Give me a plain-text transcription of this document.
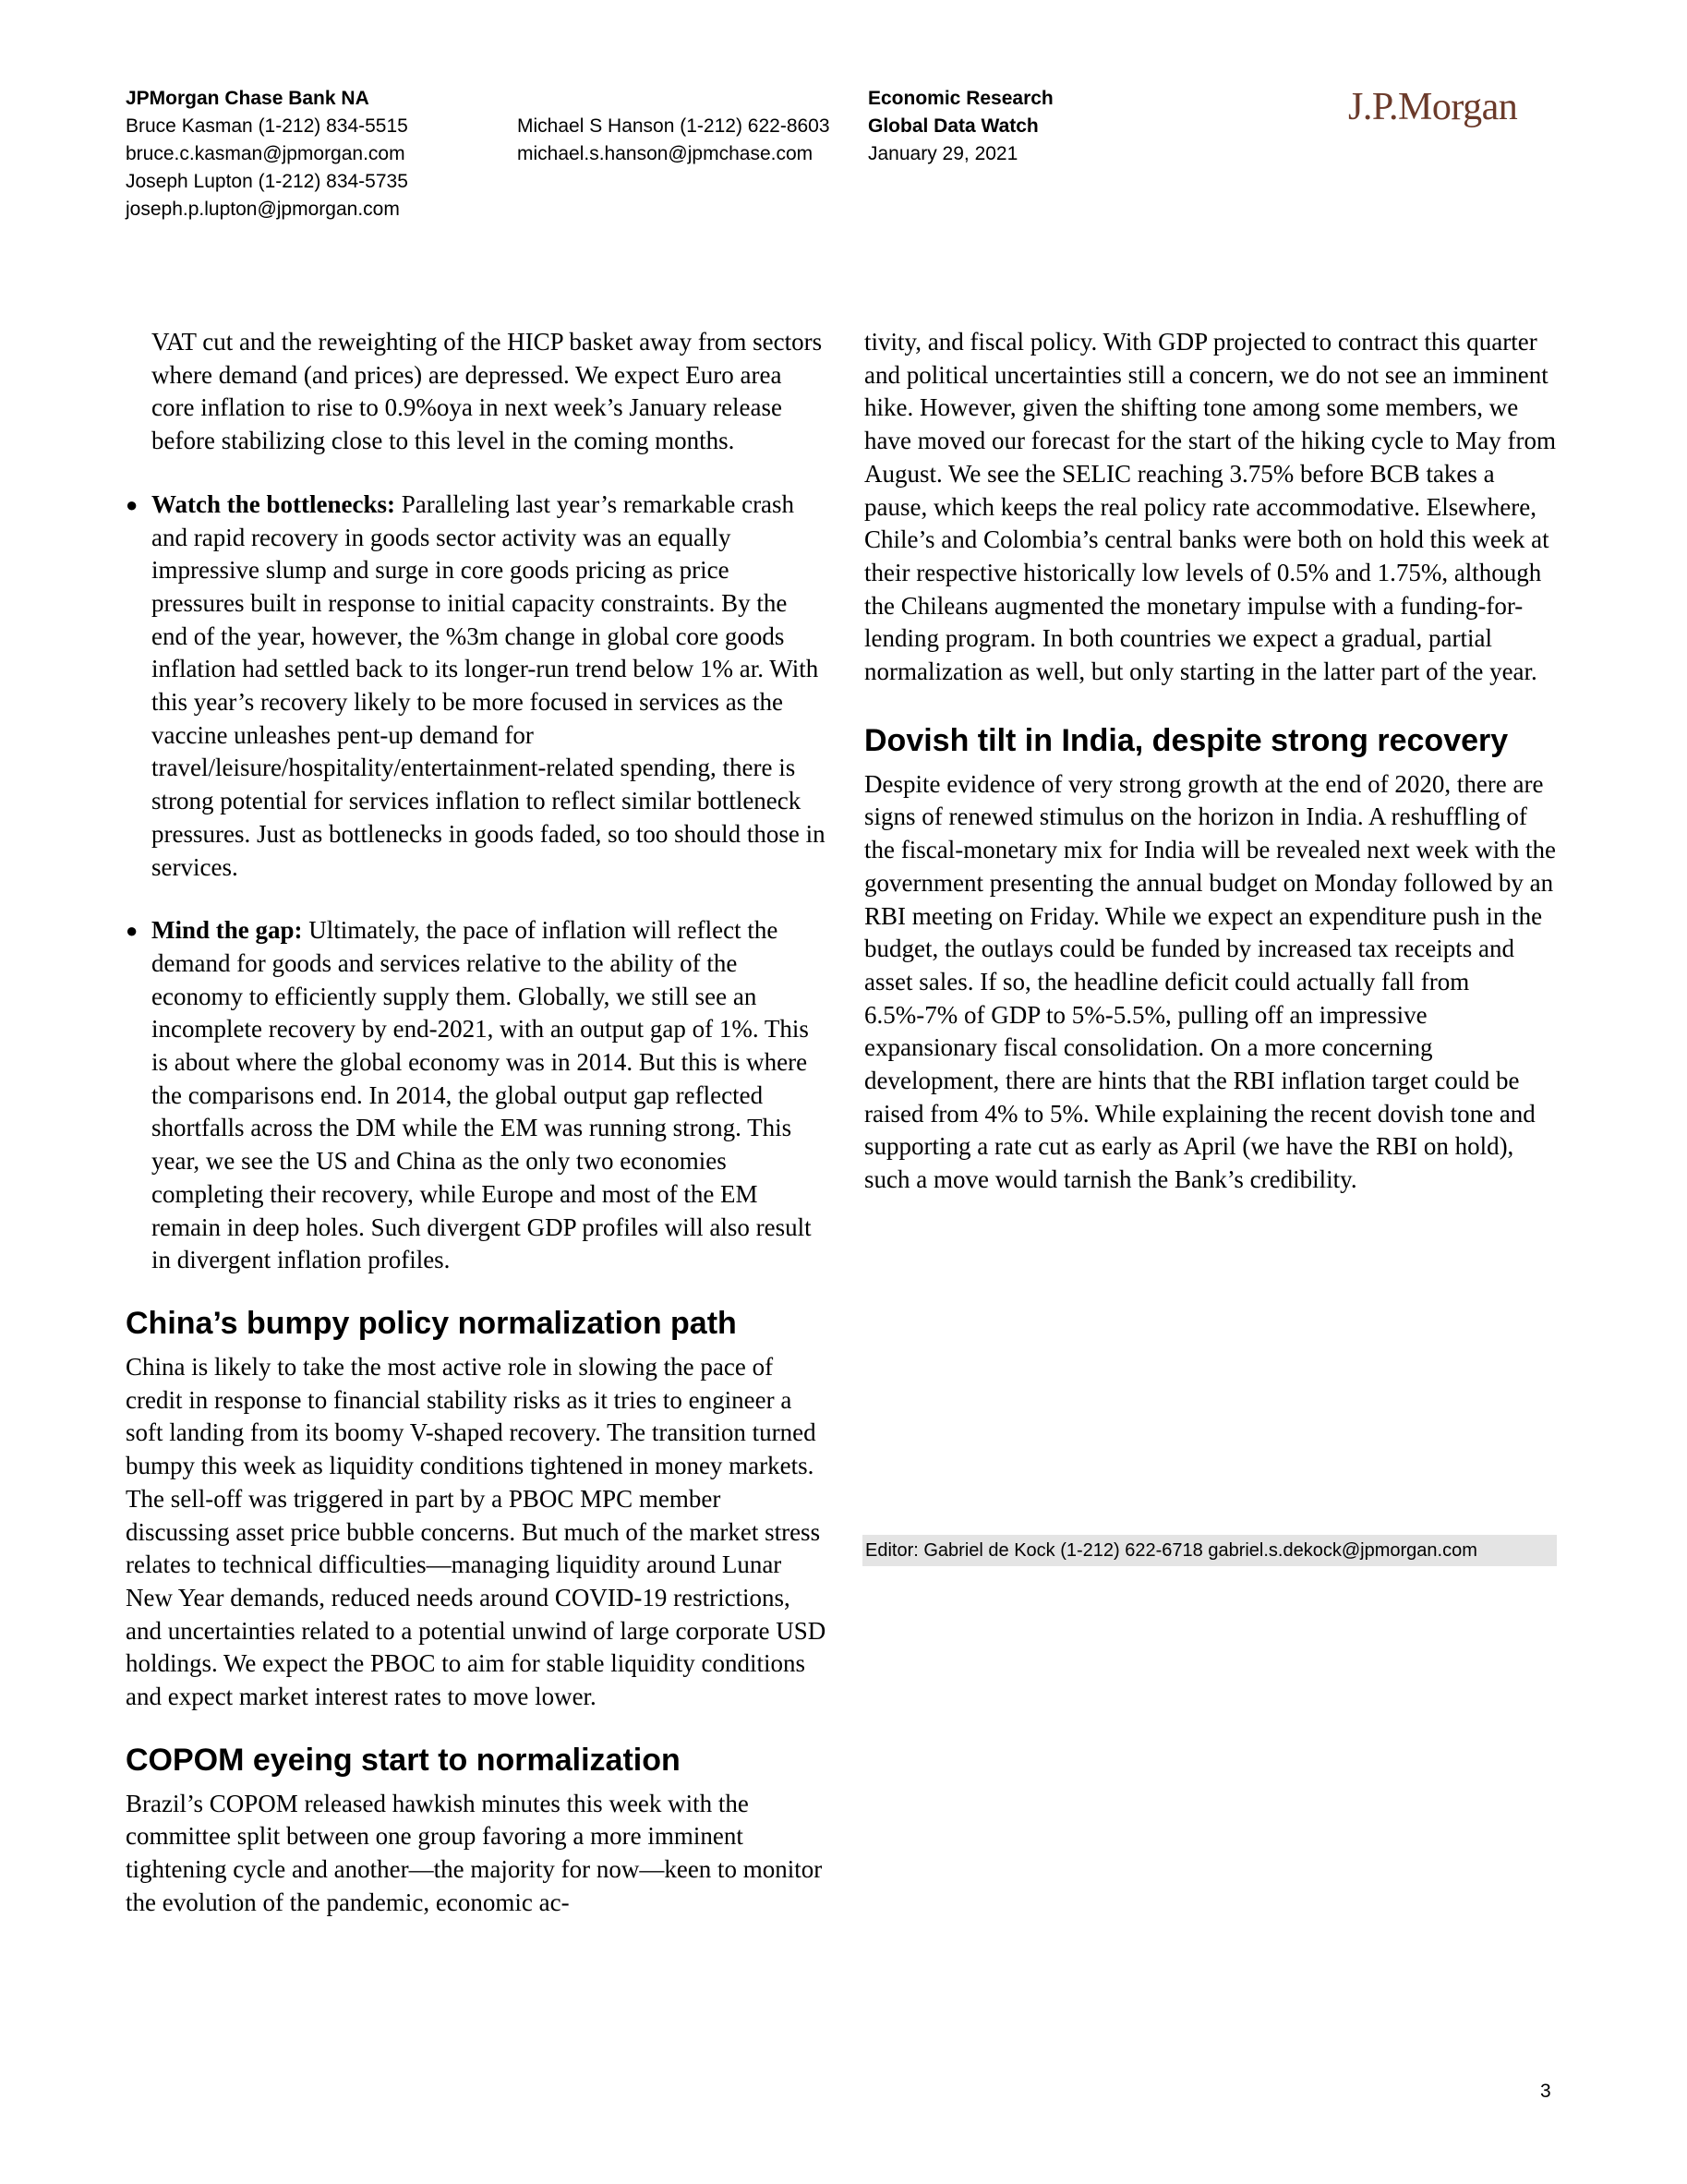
JPMorgan Chase Bank NA
Bruce Kasman (1-212) 834-5515
bruce.c.kasman@jpmorgan.com
Joseph Lupton (1-212) 834-5735
joseph.p.lupton@jpmorgan.com
Michael S Hanson (1-212) 622-8603
michael.s.hanson@jpmchase.com
Economic Research
Global Data Watch
January 29, 2021
J.P.Morgan

VAT cut and the reweighting of the HICP basket away from sectors where demand (and prices) are depressed. We expect Euro area core inflation to rise to 0.9%oya in next week’s January release before stabilizing close to this level in the coming months.

● Watch the bottlenecks: Paralleling last year’s remarkable crash and rapid recovery in goods sector activity was an equally impressive slump and surge in core goods pricing as price pressures built in response to initial capacity constraints. By the end of the year, however, the %3m change in global core goods inflation had settled back to its longer-run trend below 1% ar. With this year’s recovery likely to be more focused in services as the vaccine unleashes pent-up demand for travel/leisure/hospitality/entertainment-related spending, there is strong potential for services inflation to reflect similar bottleneck pressures. Just as bottlenecks in goods faded, so too should those in services.
● Mind the gap: Ultimately, the pace of inflation will reflect the demand for goods and services relative to the ability of the economy to efficiently supply them. Globally, we still see an incomplete recovery by end-2021, with an output gap of 1%. This is about where the global economy was in 2014. But this is where the comparisons end. In 2014, the global output gap reflected shortfalls across the DM while the EM was running strong. This year, we see the US and China as the only two economies completing their recovery, while Europe and most of the EM remain in deep holes. Such divergent GDP profiles will also result in divergent inflation profiles.
China’s bumpy policy normalization path

China is likely to take the most active role in slowing the pace of credit in response to financial stability risks as it tries to engineer a soft landing from its boomy V-shaped recovery. The transition turned bumpy this week as liquidity conditions tightened in money markets. The sell-off was triggered in part by a PBOC MPC member discussing asset price bubble concerns. But much of the market stress relates to technical difficulties—managing liquidity around Lunar New Year demands, reduced needs around COVID-19 restrictions, and uncertainties related to a potential unwind of large corporate USD holdings. We expect the PBOC to aim for stable liquidity conditions and expect market interest rates to move lower.

COPOM eyeing start to normalization

Brazil’s COPOM released hawkish minutes this week with the committee split between one group favoring a more imminent tightening cycle and another—the majority for now—keen to monitor the evolution of the pandemic, economic ac-

tivity, and fiscal policy. With GDP projected to contract this quarter and political uncertainties still a concern, we do not see an imminent hike. However, given the shifting tone among some members, we have moved our forecast for the start of the hiking cycle to May from August. We see the SELIC reaching 3.75% before BCB takes a pause, which keeps the real policy rate accommodative. Elsewhere, Chile’s and Colombia’s central banks were both on hold this week at their respective historically low levels of 0.5% and 1.75%, although the Chileans augmented the monetary impulse with a funding-for-lending program. In both countries we expect a gradual, partial normalization as well, but only starting in the latter part of the year.

Dovish tilt in India, despite strong recovery

Despite evidence of very strong growth at the end of 2020, there are signs of renewed stimulus on the horizon in India. A reshuffling of the fiscal-monetary mix for India will be revealed next week with the government presenting the annual budget on Monday followed by an RBI meeting on Friday. While we expect an expenditure push in the budget, the outlays could be funded by increased tax receipts and asset sales. If so, the headline deficit could actually fall from 6.5%-7% of GDP to 5%-5.5%, pulling off an impressive expansionary fiscal consolidation. On a more concerning development, there are hints that the RBI inflation target could be raised from 4% to 5%. While explaining the recent dovish tone and supporting a rate cut as early as April (we have the RBI on hold), such a move would tarnish the Bank’s credibility.

Editor: Gabriel de Kock (1-212) 622-6718 gabriel.s.dekock@jpmorgan.com
3
